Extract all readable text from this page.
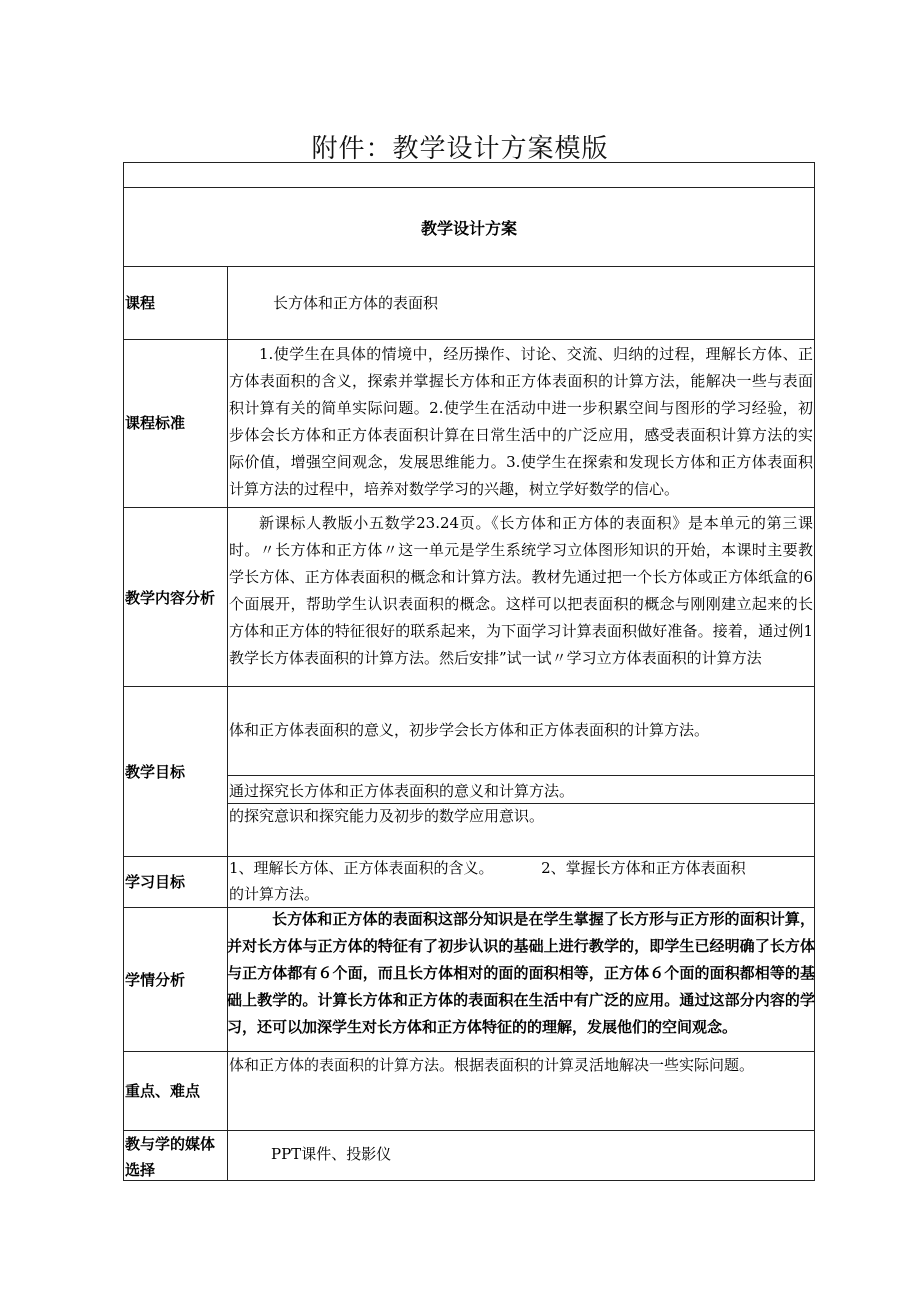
附件：教学设计方案模版
教学设计方案
课程	长方体和正方体的表面积
课程标准
1.使学生在具体的情境中，经历操作、讨论、交流、归纳的过程，理解长方体、正方体表面积的含义，探索并掌握长方体和正方体表面积的计算方法，能解决一些与表面积计算有关的简单实际问题。2.使学生在活动中进一步积累空间与图形的学习经验，初步体会长方体和正方体表面积计算在日常生活中的广泛应用，感受表面积计算方法的实际价值，增强空间观念，发展思维能力。3.使学生在探索和发现长方体和正方体表面积计算方法的过程中，培养对数学学习的兴趣，树立学好数学的信心。
教学内容分析
新课标人教版小五数学23.24页。《长方体和正方体的表面积》是本单元的第三课时。〃长方体和正方体〃这一单元是学生系统学习立体图形知识的开始，本课时主要教学长方体、正方体表面积的概念和计算方法。教材先通过把一个长方体或正方体纸盒的6个面展开，帮助学生认识表面积的概念。这样可以把表面积的概念与刚刚建立起来的长方体和正方体的特征很好的联系起来，为下面学习计算表面积做好准备。接着，通过例1教学长方体表面积的计算方法。然后安排”试一试〃学习立方体表面积的计算方法
教学目标
体和正方体表面积的意义，初步学会长方体和正方体表面积的计算方法。
通过探究长方体和正方体表面积的意义和计算方法。
的探究意识和探究能力及初步的数学应用意识。
学习目标
1、理解长方体、正方体表面积的含义。	2、掌握长方体和正方体表面积
的计算方法。
学情分析
长方体和正方体的表面积这部分知识是在学生掌握了长方形与正方形的面积计算，并对长方体与正方体的特征有了初步认识的基础上进行教学的，即学生已经明确了长方体与正方体都有６个面，而且长方体相对的面的面积相等，正方体６个面的面积都相等的基础上教学的。计算长方体和正方体的表面积在生活中有广泛的应用。通过这部分内容的学习，还可以加深学生对长方体和正方体特征的的理解，发展他们的空间观念。
重点、难点
体和正方体的表面积的计算方法。根据表面积的计算灵活地解决一些实际问题。
教与学的媒体选择
PPT课件、投影仪
